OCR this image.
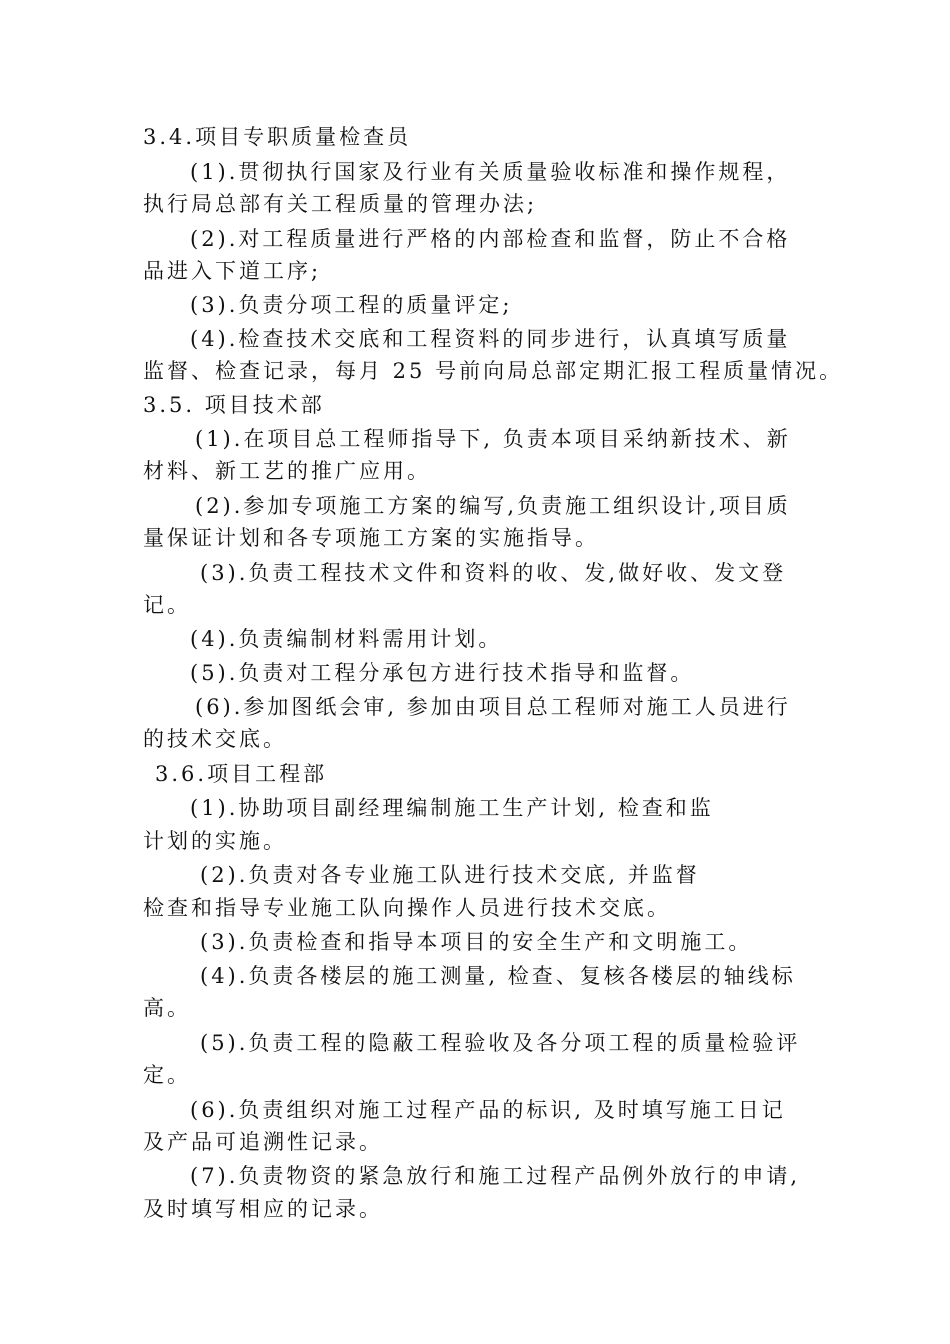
3.4.项目专职质量检查员
(1).贯彻执行国家及行业有关质量验收标准和操作规程，
执行局总部有关工程质量的管理办法;
(2).对工程质量进行严格的内部检查和监督，防止不合格
品进入下道工序;
(3).负责分项工程的质量评定;
(4).检查技术交底和工程资料的同步进行，认真填写质量
监督、检查记录，每月 25 号前向局总部定期汇报工程质量情况。
3.5. 项目技术部
(1).在项目总工程师指导下, 负责本项目采纳新技术、新
材料、新工艺的推广应用。
(2).参加专项施工方案的编写,负责施工组织设计,项目质
量保证计划和各专项施工方案的实施指导。
(3).负责工程技术文件和资料的收、发,做好收、发文登
记。
(4).负责编制材料需用计划。
(5).负责对工程分承包方进行技术指导和监督。
(6).参加图纸会审, 参加由项目总工程师对施工人员进行
的技术交底。
3.6.项目工程部
(1).协助项目副经理编制施工生产计划, 检查和监
计划的实施。
(2).负责对各专业施工队进行技术交底, 并监督
检查和指导专业施工队向操作人员进行技术交底。
(3).负责检查和指导本项目的安全生产和文明施工。
(4).负责各楼层的施工测量, 检查、复核各楼层的轴线标
高。
(5).负责工程的隐蔽工程验收及各分项工程的质量检验评
定。
(6).负责组织对施工过程产品的标识, 及时填写施工日记
及产品可追溯性记录。
(7).负责物资的紧急放行和施工过程产品例外放行的申请,
及时填写相应的记录。
